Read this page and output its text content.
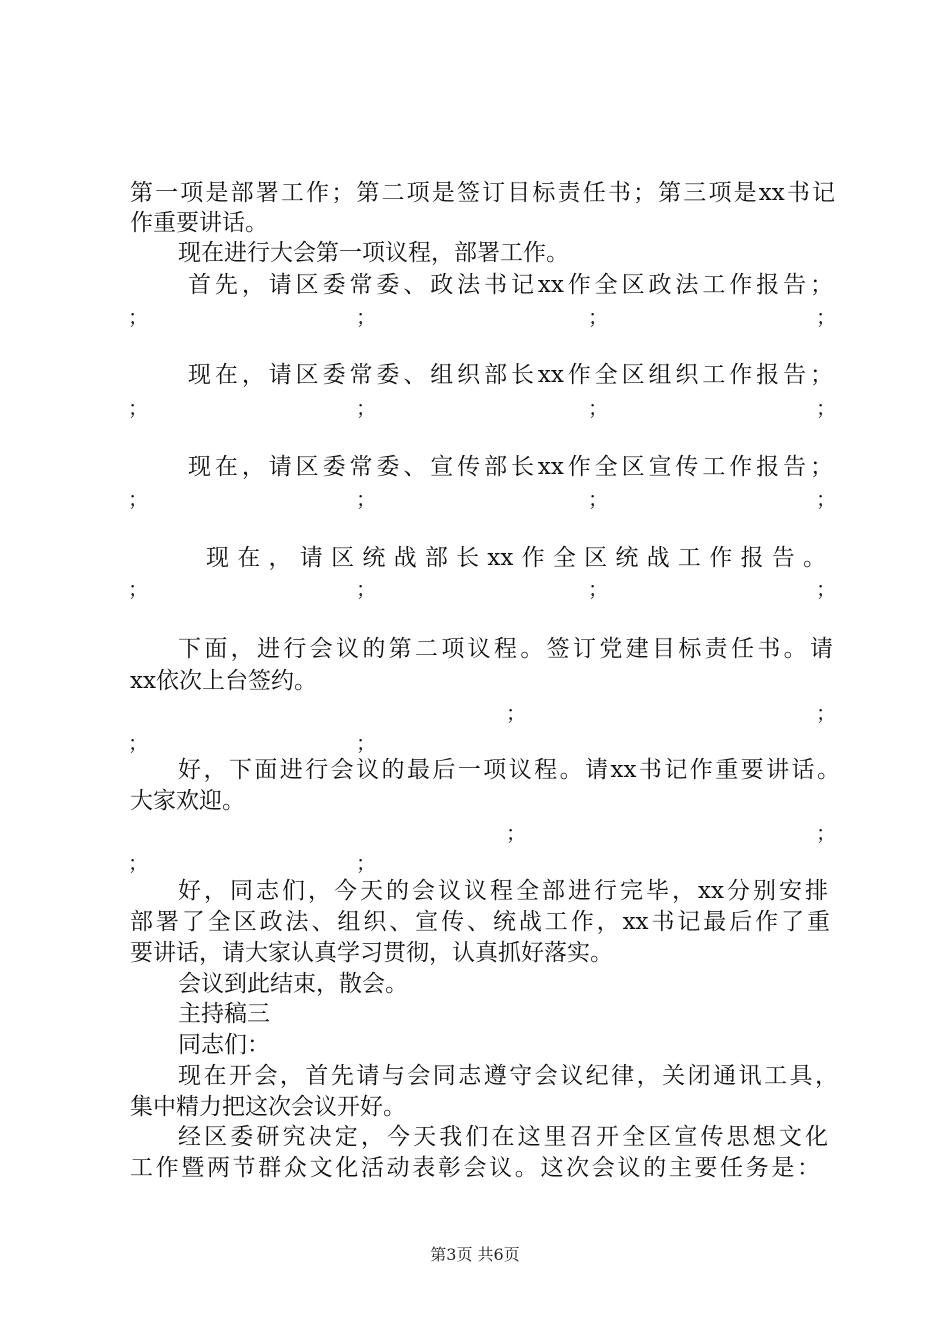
第一项是部署工作；第二项是签订目标责任书；第三项是xx书记
作重要讲话。
现在进行大会第一项议程，部署工作。
首先，请区委常委、政法书记xx作全区政法工作报告；
现在，请区委常委、组织部长xx作全区组织工作报告；
现在，请区委常委、宣传部长xx作全区宣传工作报告；
现在，请区统战部长xx作全区统战工作报告。
下面，进行会议的第二项议程。签订党建目标责任书。请
xx依次上台签约。
好，下面进行会议的最后一项议程。请xx书记作重要讲话。
大家欢迎。
好，同志们，今天的会议议程全部进行完毕，xx分别安排
部署了全区政法、组织、宣传、统战工作，xx书记最后作了重
要讲话，请大家认真学习贯彻，认真抓好落实。
会议到此结束，散会。
主持稿三
同志们：
现在开会，首先请与会同志遵守会议纪律，关闭通讯工具，
集中精力把这次会议开好。
经区委研究决定，今天我们在这里召开全区宣传思想文化
工作暨两节群众文化活动表彰会议。这次会议的主要任务是：
；	；	；	；
；	；	；	；
；	；	；	；
；	；	；	；
；	；
；	；
；	；
；	；
第3页 共6页
